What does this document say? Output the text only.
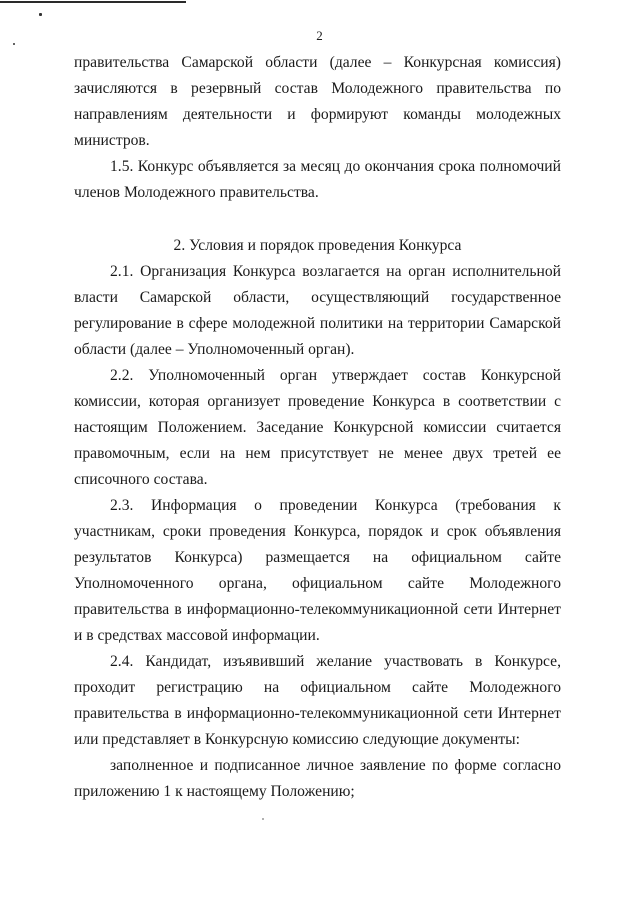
2

правительства Самарской области (далее – Конкурсная комиссия) зачисляются в резервный состав Молодежного правительства по направлениям деятельности и формируют команды молодежных министров.

1.5. Конкурс объявляется за месяц до окончания срока полномочий членов Молодежного правительства.

2. Условия и порядок проведения Конкурса

2.1. Организация Конкурса возлагается на орган исполнительной власти Самарской области, осуществляющий государственное регулирование в сфере молодежной политики на территории Самарской области (далее – Уполномоченный орган).

2.2. Уполномоченный орган утверждает состав Конкурсной комиссии, которая организует проведение Конкурса в соответствии с настоящим Положением. Заседание Конкурсной комиссии считается правомочным, если на нем присутствует не менее двух третей ее списочного состава.

2.3. Информация о проведении Конкурса (требования к участникам, сроки проведения Конкурса, порядок и срок объявления результатов Конкурса) размещается на официальном сайте Уполномоченного органа, официальном сайте Молодежного правительства в информационно-телекоммуникационной сети Интернет и в средствах массовой информации.

2.4. Кандидат, изъявивший желание участвовать в Конкурсе, проходит регистрацию на официальном сайте Молодежного правительства в информационно-телекоммуникационной сети Интернет или представляет в Конкурсную комиссию следующие документы:

заполненное и подписанное личное заявление по форме согласно приложению 1 к настоящему Положению;
